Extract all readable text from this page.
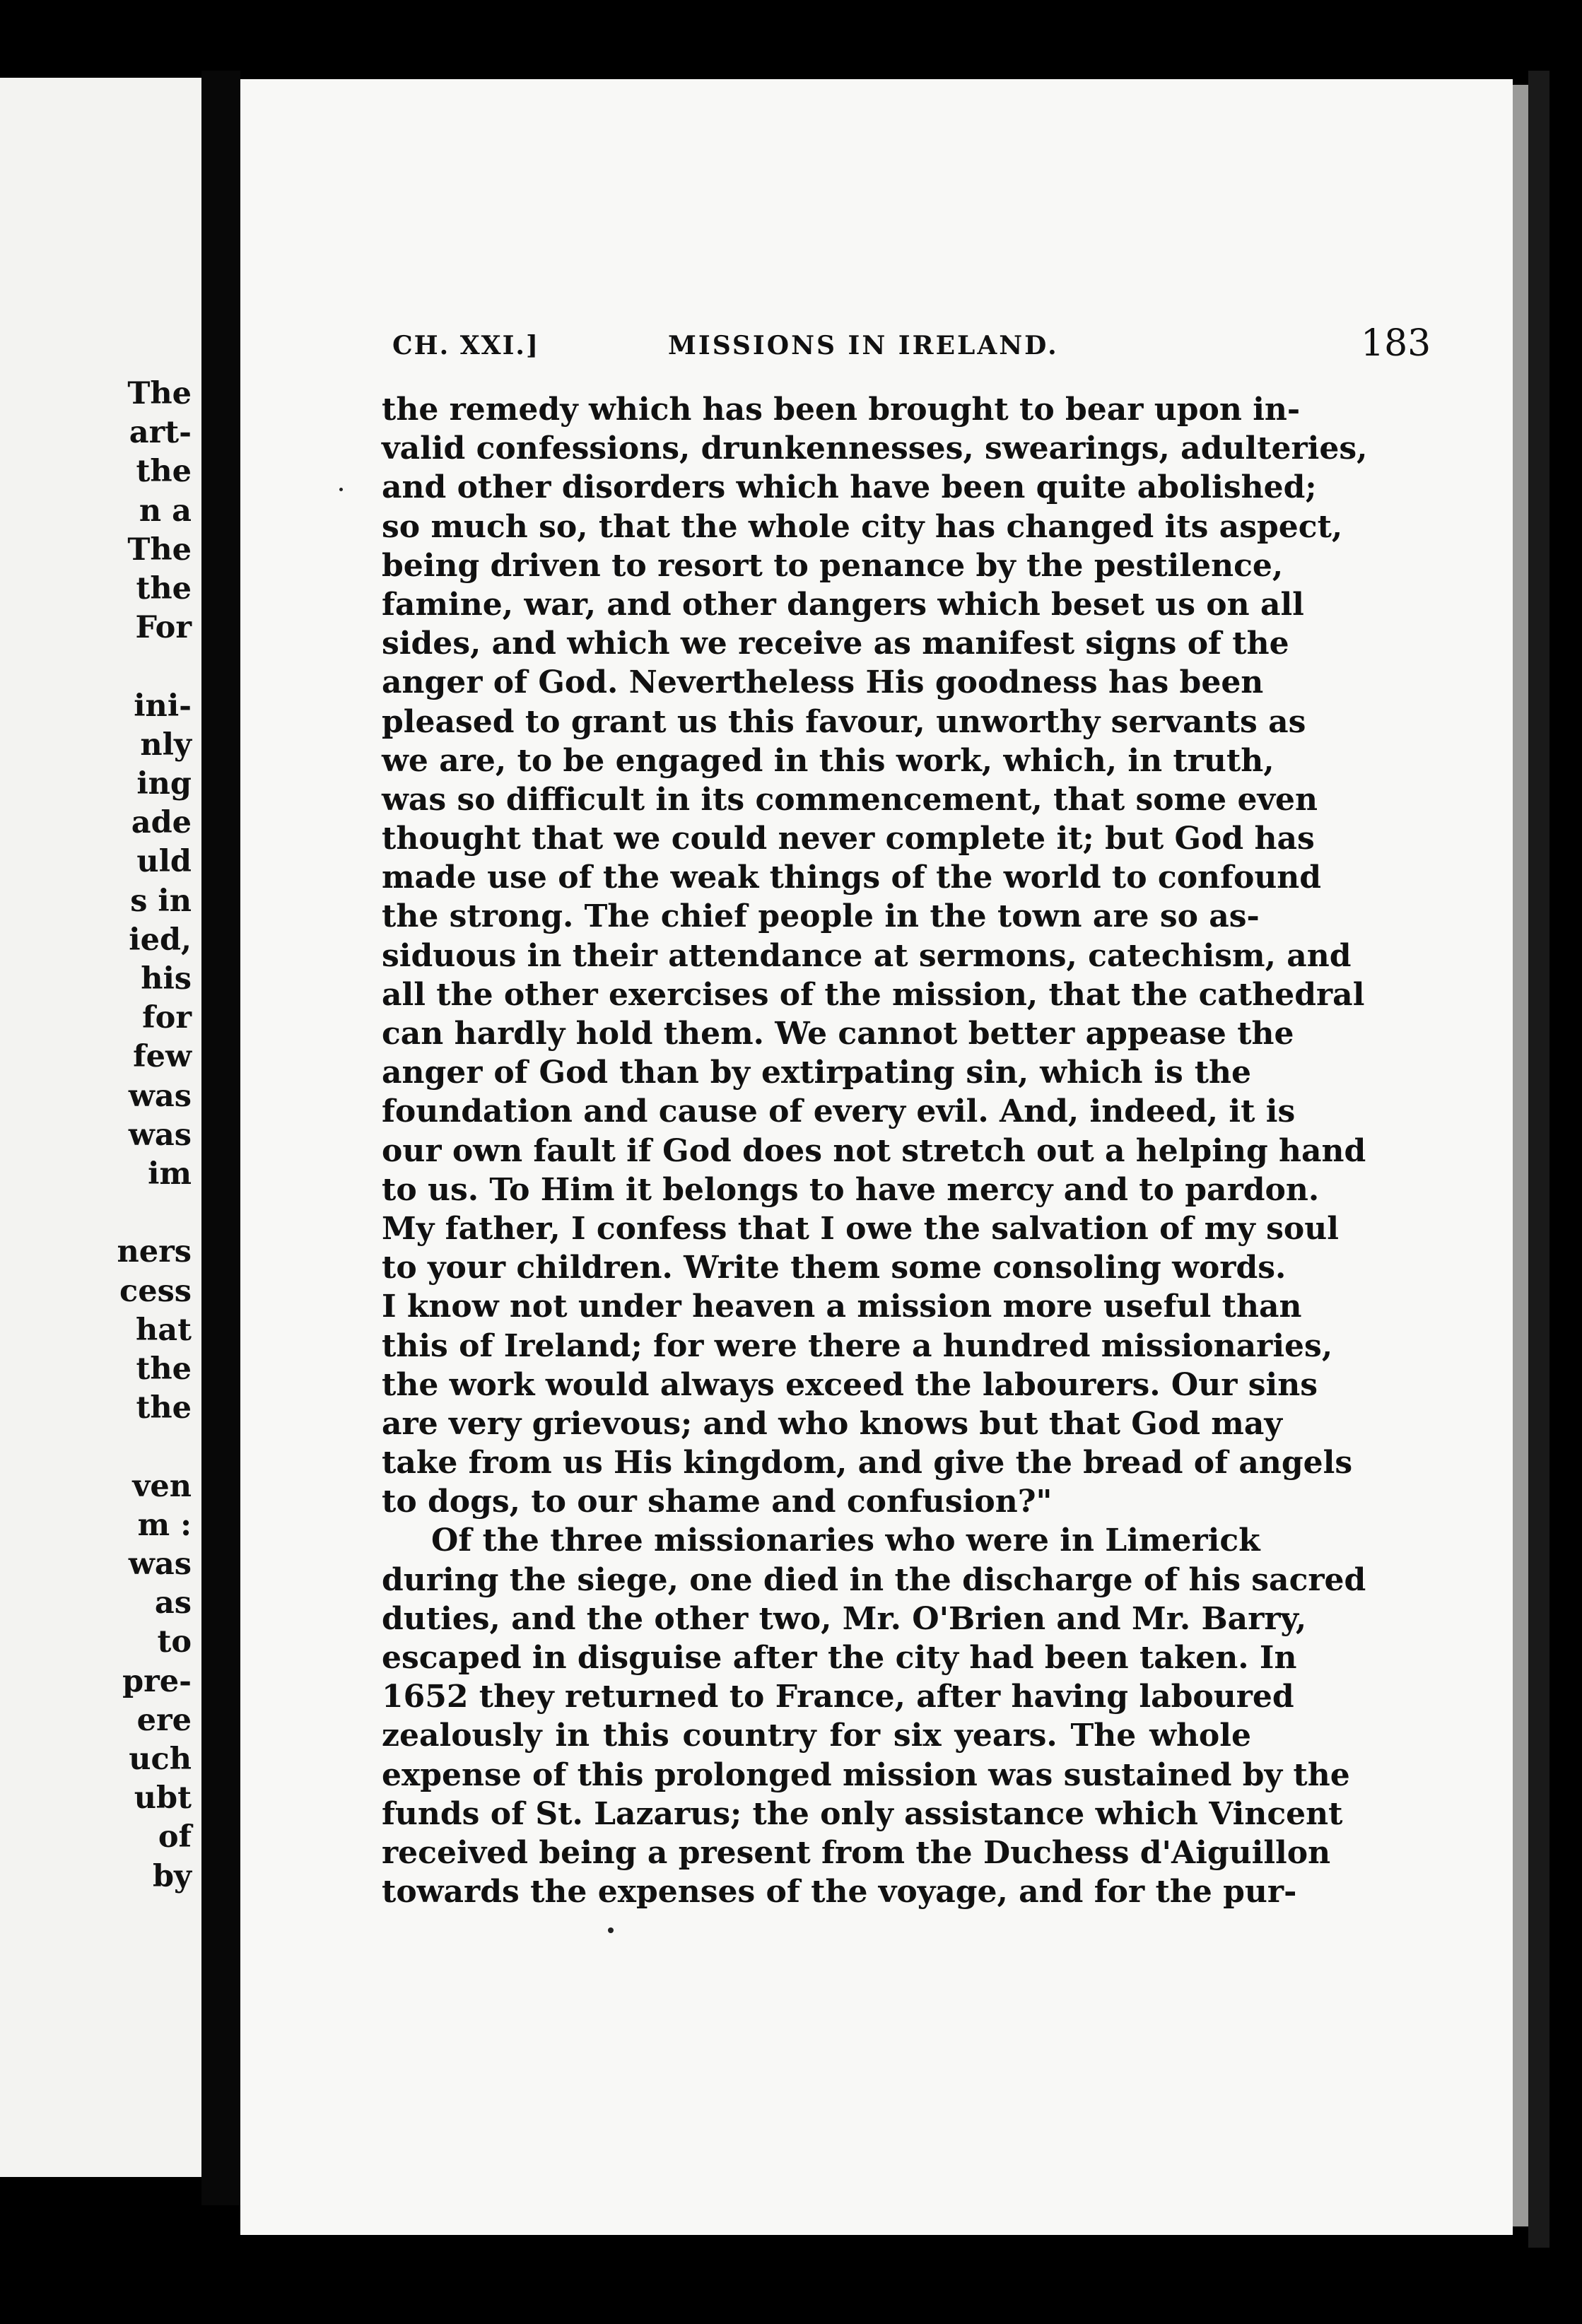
The

art-

the

n a

The

the

For

ini-

nly

ing

ade

uld

s in

ied,

his

for

few

was

was

im

ners

cess

hat

the

the

ven

m :

was

as

to

pre-

ere

uch

ubt

of

by

CH. XXI.]	MISSIONS IN IRELAND.	183
the remedy which has been brought to bear upon in-
valid confessions, drunkennesses, swearings, adulteries,
and other disorders which have been quite abolished;
so much so, that the whole city has changed its aspect,
being driven to resort to penance by the pestilence,
famine, war, and other dangers which beset us on all
sides, and which we receive as manifest signs of the
anger of God. Nevertheless His goodness has been
pleased to grant us this favour, unworthy servants as
we are, to be engaged in this work, which, in truth,
was so difficult in its commencement, that some even
thought that we could never complete it; but God has
made use of the weak things of the world to confound
the strong. The chief people in the town are so as-
siduous in their attendance at sermons, catechism, and
all the other exercises of the mission, that the cathedral
can hardly hold them. We cannot better appease the
anger of God than by extirpating sin, which is the
foundation and cause of every evil. And, indeed, it is
our own fault if God does not stretch out a helping hand
to us. To Him it belongs to have mercy and to pardon.
My father, I confess that I owe the salvation of my soul
to your children. Write them some consoling words.
I know not under heaven a mission more useful than
this of Ireland; for were there a hundred missionaries,
the work would always exceed the labourers. Our sins
are very grievous; and who knows but that God may
take from us His kingdom, and give the bread of angels
to dogs, to our shame and confusion?"
Of the three missionaries who were in Limerick
during the siege, one died in the discharge of his sacred
duties, and the other two, Mr. O'Brien and Mr. Barry,
escaped in disguise after the city had been taken. In
1652 they returned to France, after having laboured
zealously in this country for six years. The whole
expense of this prolonged mission was sustained by the
funds of St. Lazarus; the only assistance which Vincent
received being a present from the Duchess d'Aiguillon
towards the expenses of the voyage, and for the pur-
